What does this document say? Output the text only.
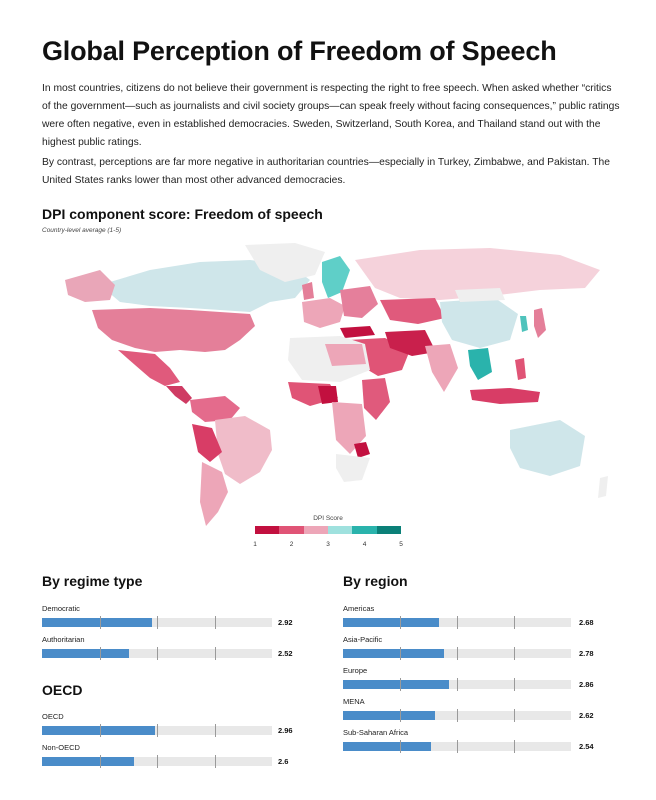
Global Perception of Freedom of Speech
In most countries, citizens do not believe their government is respecting the right to free speech. When asked whether “critics of the government—such as journalists and civil society groups—can speak freely without facing consequences,” public ratings were often negative, even in established democracies. Sweden, Switzerland, South Korea, and Thailand stand out with the highest public ratings.
By contrast, perceptions are far more negative in authoritarian countries—especially in Turkey, Zimbabwe, and Pakistan. The United States ranks lower than most other advanced democracies.
DPI component score: Freedom of speech
Country-level average (1-5)
DPI Score
1	2	3	4	5
By regime type
Democratic
2.92
Authoritarian
2.52
OECD
OECD
2.96
Non-OECD
2.6
By region
Americas
2.68
Asia-Pacific
2.78
Europe
2.86
MENA
2.62
Sub-Saharan Africa
2.54
